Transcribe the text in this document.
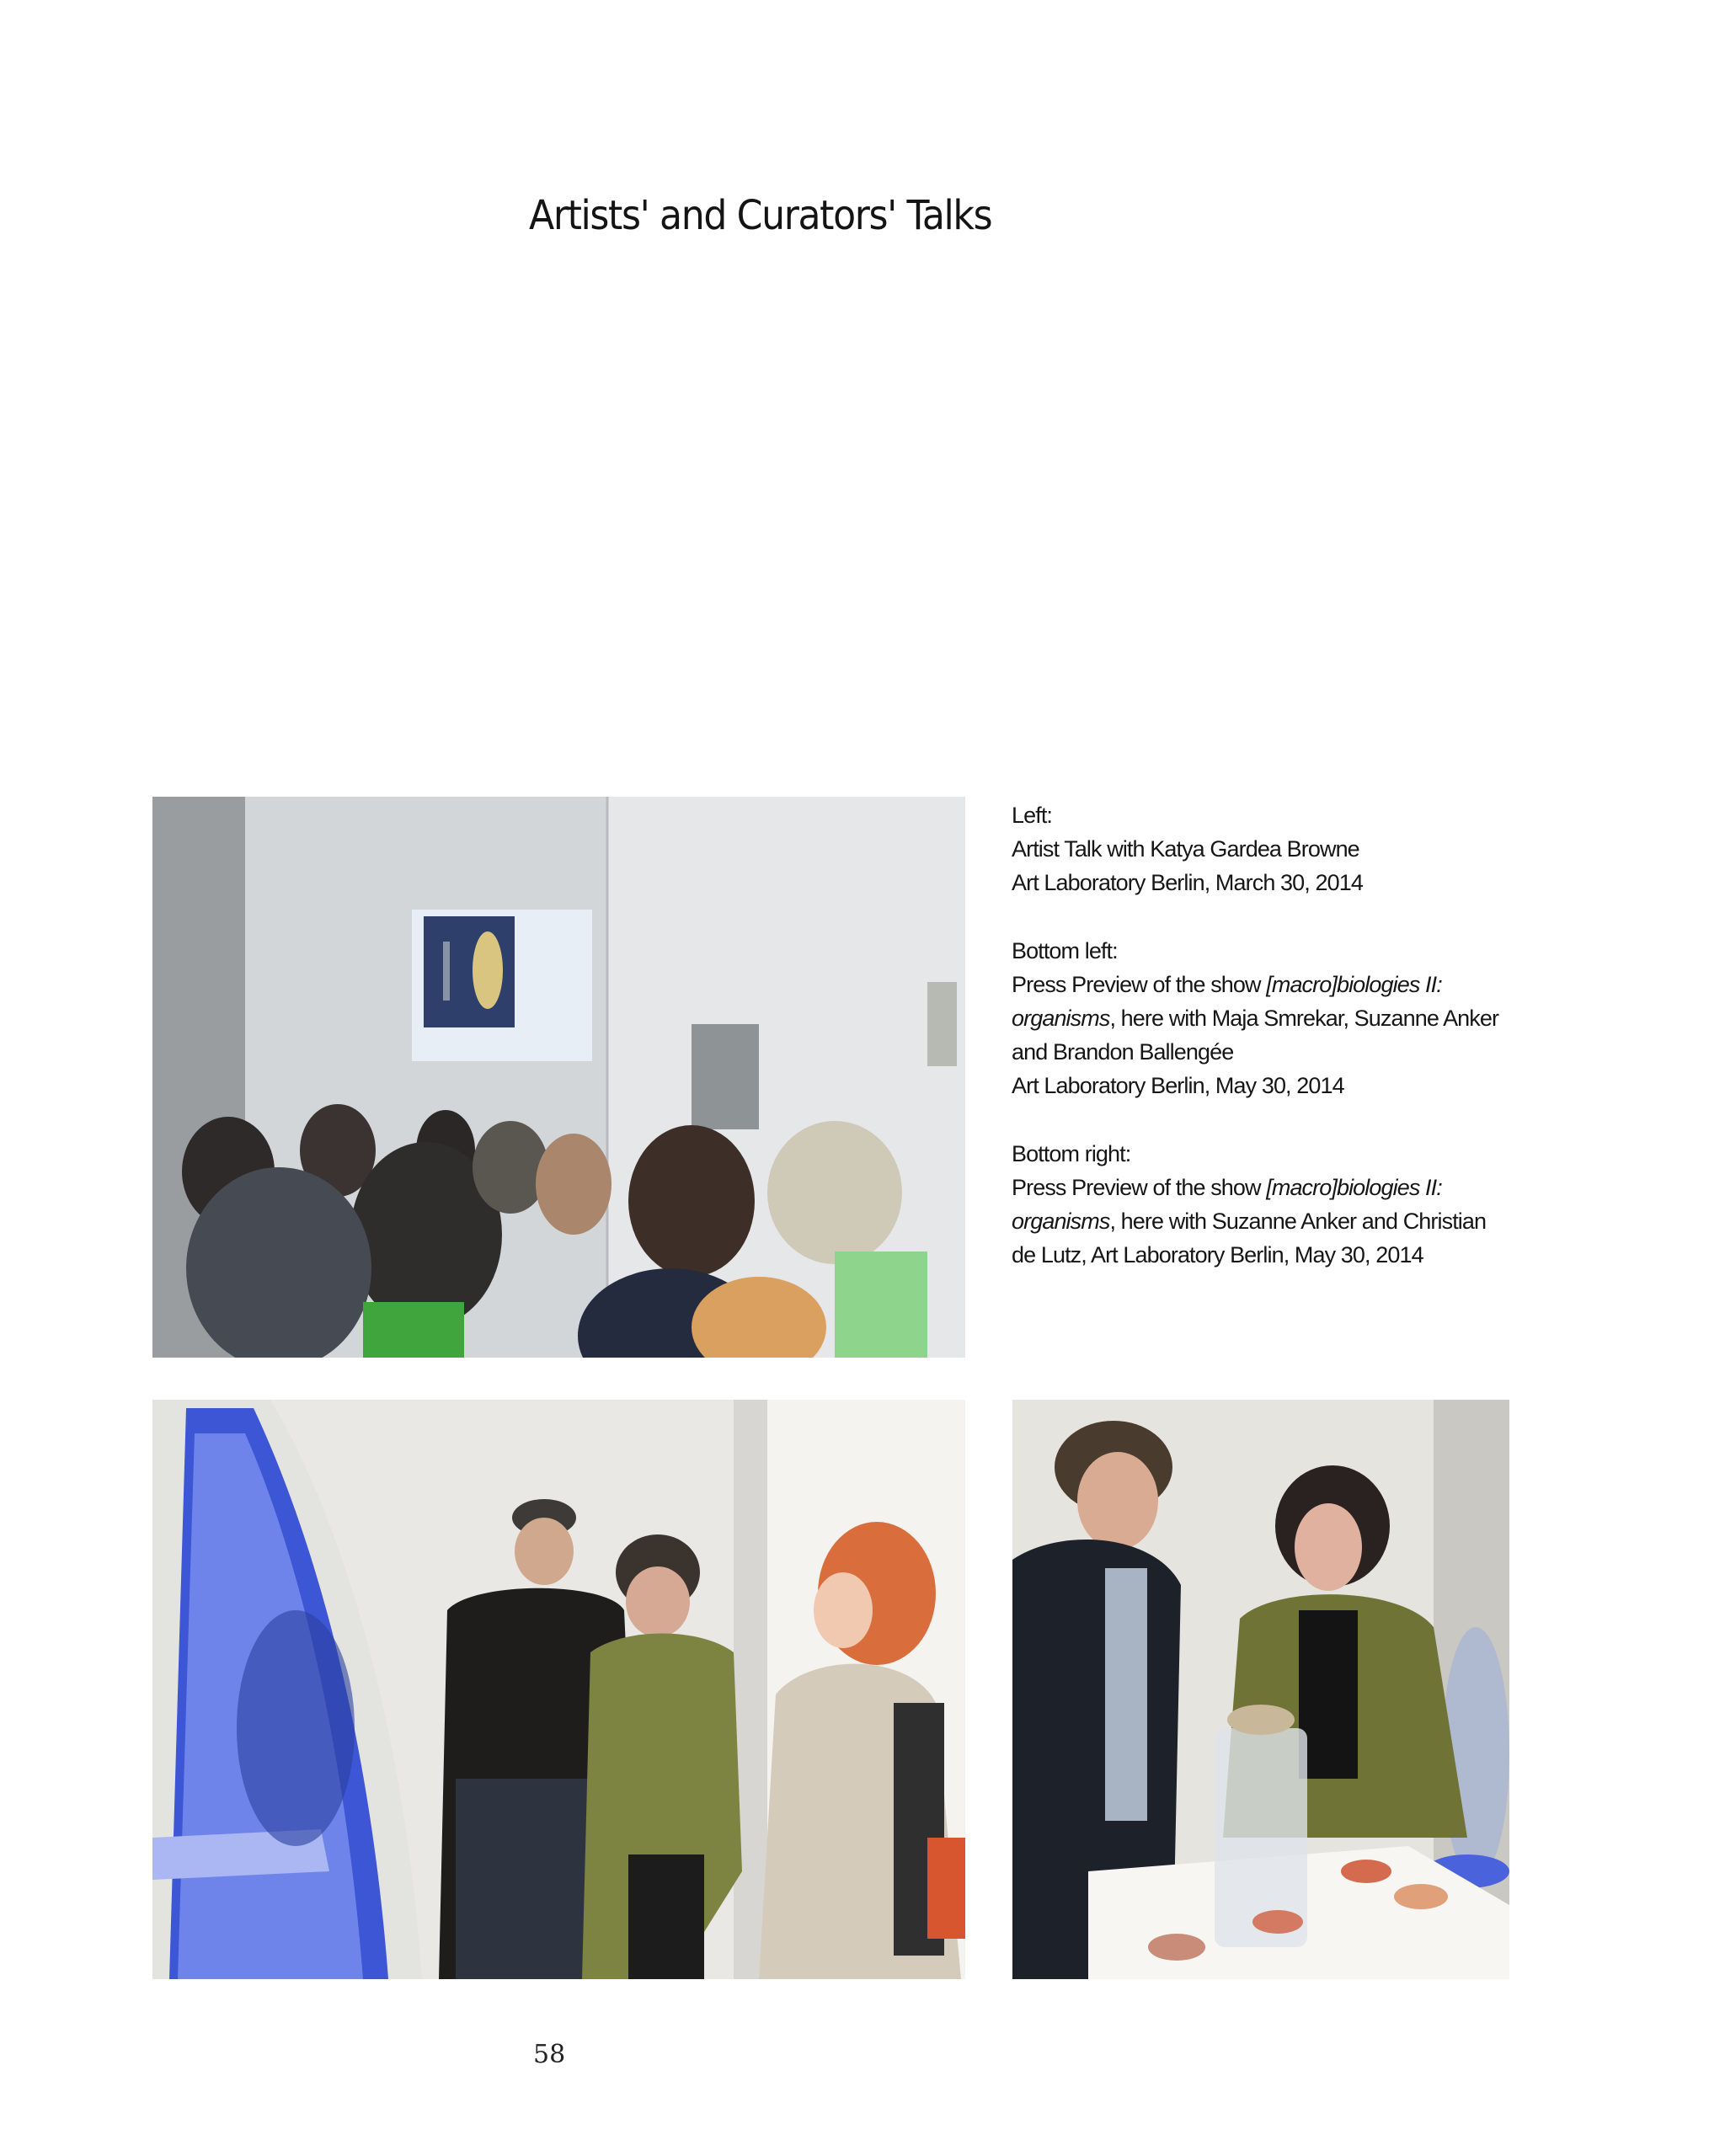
Artists' and Curators' Talks

Left:

Artist Talk with Katya Gardea Browne

Art Laboratory Berlin, March 30, 2014

Bottom left:

Press Preview of the show [macro]biologies II:

organisms, here with Maja Smrekar, Suzanne Anker

and Brandon Ballengée

Art Laboratory Berlin, May 30, 2014

Bottom right:

Press Preview of the show [macro]biologies II:

organisms, here with Suzanne Anker and Christian

de Lutz, Art Laboratory Berlin, May 30, 2014

58
